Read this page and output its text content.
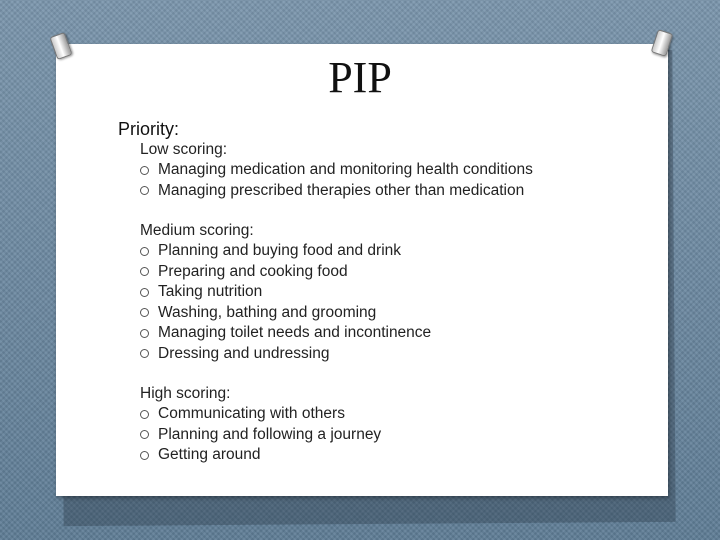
PIP

Priority:

Low scoring:
Managing medication and monitoring health conditions
Managing prescribed therapies other than medication
Medium scoring:
Planning and buying food and drink
Preparing and cooking food
Taking nutrition
Washing, bathing and grooming
Managing toilet needs and incontinence
Dressing and undressing
High scoring:
Communicating with others
Planning and following a journey
Getting around
